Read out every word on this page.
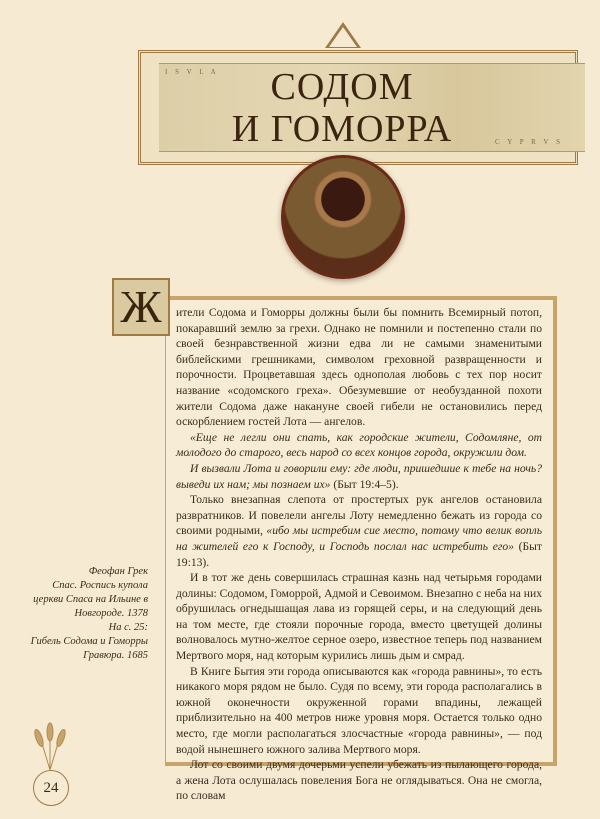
I S V L A
C Y P R V S
СОДОМ
И ГОМОРРА
Ж	ители Содома и Гоморры должны были бы помнить Всемирный потоп, покаравший землю за грехи. Однако не помнили и постепенно стали по своей безнравственной жизни едва ли не самыми знаменитыми библейскими грешниками, символом греховной развращенности и порочности. Процветавшая здесь однополая любовь с тех пор носит название «содомского греха». Обезумевшие от необузданной похоти жители Содома даже накануне своей гибели не остановились перед оскорблением гостей Лота — ангелов.

«Еще не легли они спать, как городские жители, Содомляне, от молодого до старого, весь народ со всех концов города, окружили дом.

И вызвали Лота и говорили ему: где люди, пришедшие к тебе на ночь? выведи их нам; мы познаем их» (Быт 19:4–5).

Только внезапная слепота от простертых рук ангелов остановила развратников. И повелели ангелы Лоту немедленно бежать из города со своими родными, «ибо мы истребим сие место, потому что велик вопль на жителей его к Господу, и Господь послал нас истребить его» (Быт 19:13).

И в тот же день совершилась страшная казнь над четырьмя городами долины: Содомом, Гоморрой, Адмой и Севоимом. Внезапно с неба на них обрушилась огнедышащая лава из горящей серы, и на следующий день на том месте, где стояли порочные города, вместо цветущей долины волновалось мутно-желтое серное озеро, известное теперь под названием Мертвого моря, над которым курились лишь дым и смрад.

В Книге Бытия эти города описываются как «города равнины», то есть никакого моря рядом не было. Судя по всему, эти города располагались в южной оконечности окруженной горами впадины, лежащей приблизительно на 400 метров ниже уровня моря. Остается только одно место, где могли располагаться злосчастные «города равнины», — под водой нынешнего южного залива Мертвого моря.

Лот со своими двумя дочерьми успели убежать из пылающего города, а жена Лота ослушалась повеления Бога не оглядываться. Она не смогла, по словам

Феофан Грек
Спас. Роспись купола церкви Спаса на Ильине в Новгороде. 1378
На с. 25:
Гибель Содома и Гоморры
Гравюра. 1685
24
